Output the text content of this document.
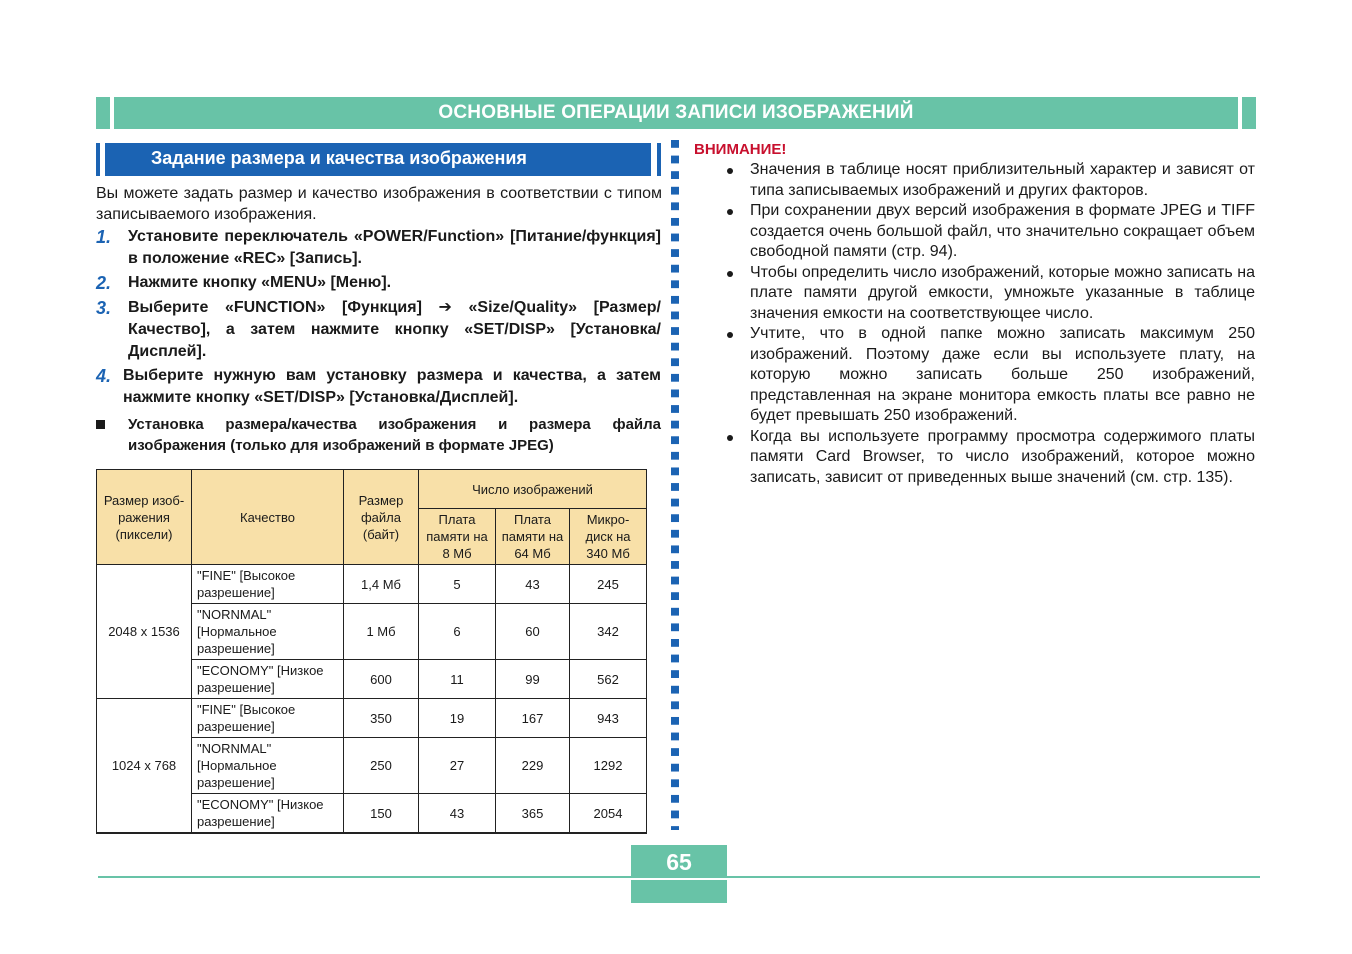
ОСНОВНЫЕ ОПЕРАЦИИ ЗАПИСИ ИЗОБРАЖЕНИЙ
Задание размера и качества изображения
Вы можете задать размер и качество изображения в соответствии с типом записываемого изображения.
1. Установите переключатель «POWER/Function» [Питание/функция] в положение «REC» [Запись].
2. Нажмите кнопку «MENU» [Меню].
3. Выберите «FUNCTION» [Функция] ➔ «Size/Quality» [Размер/Качество], а затем нажмите кнопку «SET/DISP» [Установка/Дисплей].
4. Выберите нужную вам установку размера и качества, а затем нажмите кнопку «SET/DISP» [Установка/Дисплей].
Установка размера/качества изображения и размера файла изображения (только для изображений в формате JPEG)
Размер изоб-ражения (пиксели)	Качество	Размер файла (байт)	Число изображений		
			Плата памяти на 8 Мб	Плата памяти на 64 Мб	Микро-диск на 340 Мб
2048 x 1536	"FINE" [Высокое разрешение]	1,4 Мб	5	43	245
	"NORNMAL" [Нормальное разрешение]	1 Мб	6	60	342
	"ECONOMY" [Низкое разрешение]	600	11	99	562
1024 x 768	"FINE" [Высокое разрешение]	350	19	167	943
	"NORNMAL" [Нормальное разрешение]	250	27	229	1292
	"ECONOMY" [Низкое разрешение]	150	43	365	2054
ВНИМАНИЕ!
Значения в таблице носят приблизительный характер и зависят от типа записываемых изображений и других факторов.
При сохранении двух версий изображения в формате JPEG и TIFF создается очень большой файл, что значительно сокращает объем свободной памяти (стр. 94).
Чтобы определить число изображений, которые можно записать на плате памяти другой емкости, умножьте указанные в таблице значения емкости на соответствующее число.
Учтите, что в одной папке можно записать максимум 250 изображений. Поэтому даже если вы используете плату, на которую можно записать больше 250 изображений, представленная на экране монитора емкость платы все равно не будет превышать 250 изображений.
Когда вы используете программу просмотра содержимого платы памяти Card Browser, то число изображений, которое можно записать, зависит от приведенных выше значений (см. стр. 135).
65
